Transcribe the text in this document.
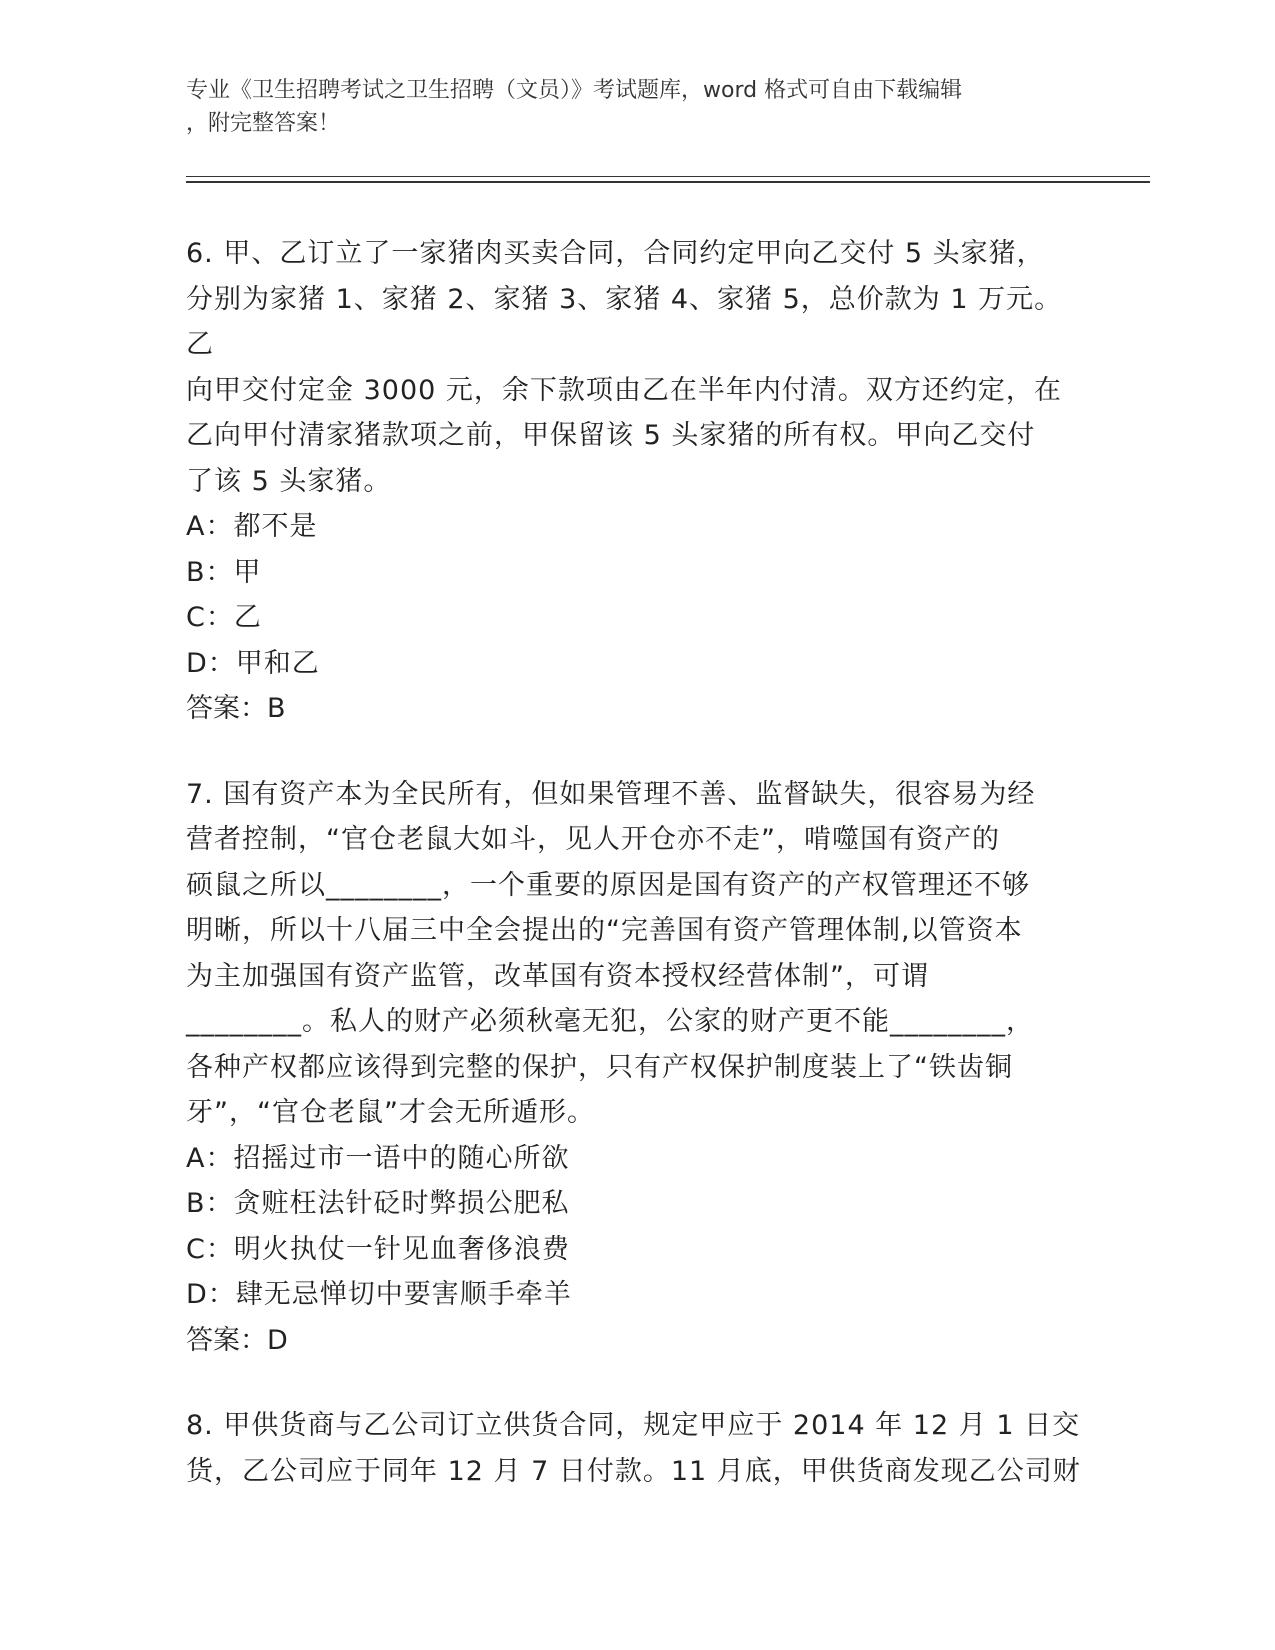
专业《卫生招聘考试之卫生招聘（文员）》考试题库，word 格式可自由下载编辑
，附完整答案！

6. 甲、乙订立了一家猪肉买卖合同，合同约定甲向乙交付 5 头家猪，

分别为家猪 1、家猪 2、家猪 3、家猪 4、家猪 5，总价款为 1 万元。乙

向甲交付定金 3000 元，余下款项由乙在半年内付清。双方还约定，在

乙向甲付清家猪款项之前，甲保留该 5 头家猪的所有权。甲向乙交付

了该 5 头家猪。

A：都不是

B：甲

C：乙

D：甲和乙

答案：B

7. 国有资产本为全民所有，但如果管理不善、监督缺失，很容易为经

营者控制，“官仓老鼠大如斗，见人开仓亦不走”，啃噬国有资产的

硕鼠之所以________，一个重要的原因是国有资产的产权管理还不够

明晰，所以十八届三中全会提出的“完善国有资产管理体制,以管资本

为主加强国有资产监管，改革国有资本授权经营体制”，可谓

________。私人的财产必须秋毫无犯，公家的财产更不能________，

各种产权都应该得到完整的保护，只有产权保护制度装上了“铁齿铜

牙”，“官仓老鼠”才会无所遁形。

A：招摇过市一语中的随心所欲

B：贪赃枉法针砭时弊损公肥私

C：明火执仗一针见血奢侈浪费

D：肆无忌惮切中要害顺手牵羊

答案：D

8. 甲供货商与乙公司订立供货合同，规定甲应于 2014 年 12 月 1 日交

货，乙公司应于同年 12 月 7 日付款。11 月底，甲供货商发现乙公司财
